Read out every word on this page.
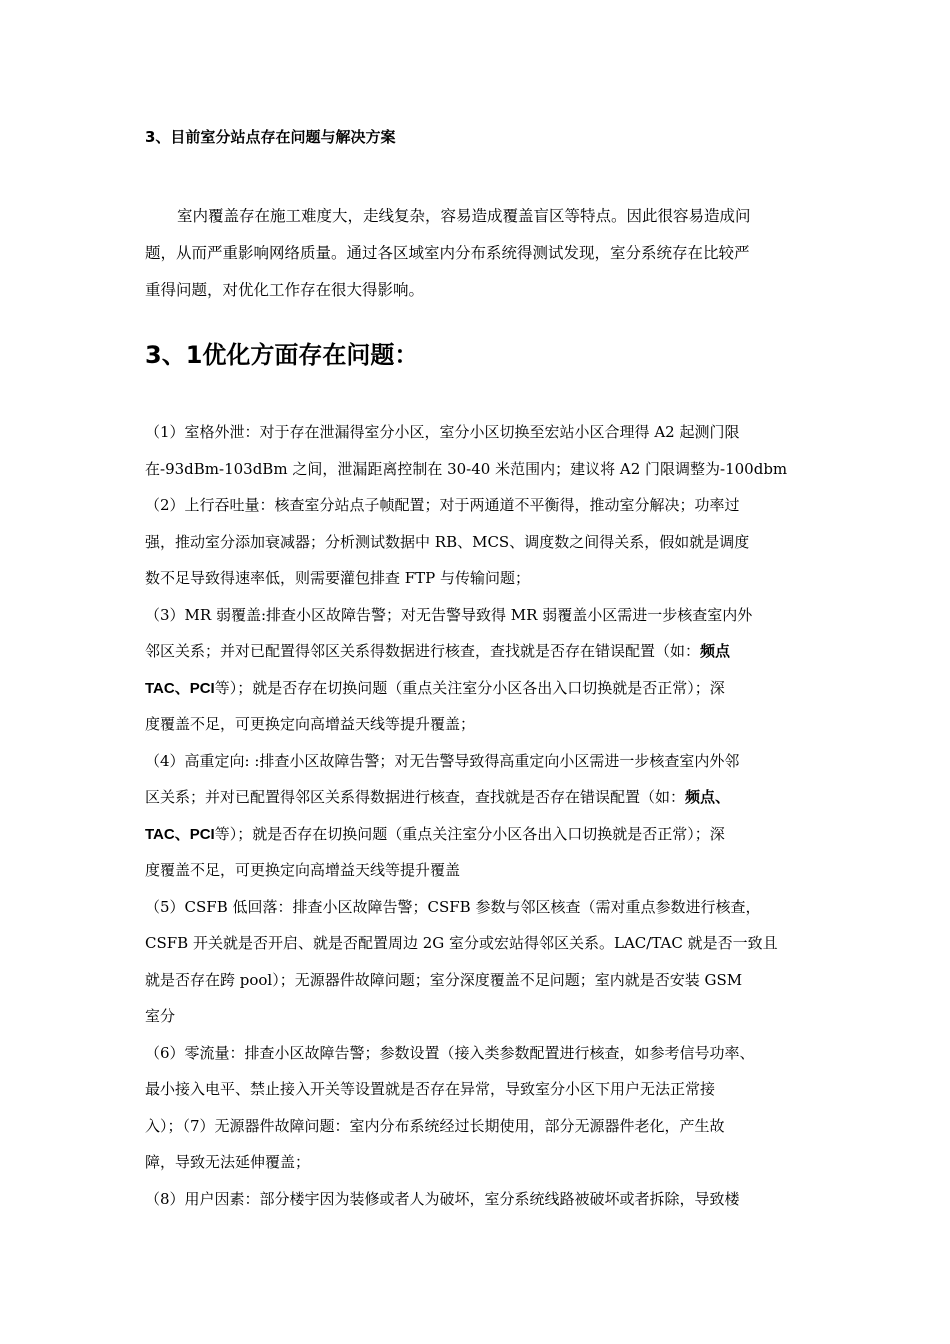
3、目前室分站点存在问题与解决方案
室内覆盖存在施工难度大，走线复杂，容易造成覆盖盲区等特点。因此很容易造成问
题，从而严重影响网络质量。通过各区域室内分布系统得测试发现，室分系统存在比较严
重得问题，对优化工作存在很大得影响。
3、1优化方面存在问题：
（1）室格外泄：对于存在泄漏得室分小区，室分小区切换至宏站小区合理得 A2 起测门限
在-93dBm-103dBm 之间，泄漏距离控制在 30-40 米范围内；建议将 A2 门限调整为-100dbm
（2）上行吞吐量：核查室分站点子帧配置；对于两通道不平衡得，推动室分解决；功率过
强，推动室分添加衰减器；分析测试数据中 RB、MCS、调度数之间得关系，假如就是调度
数不足导致得速率低，则需要灌包排查 FTP 与传输问题；
（3）MR 弱覆盖:排查小区故障告警；对无告警导致得 MR 弱覆盖小区需进一步核查室内外
邻区关系；并对已配置得邻区关系得数据进行核查，查找就是否存在错误配置（如：频点
TAC、PCI等）；就是否存在切换问题（重点关注室分小区各出入口切换就是否正常）；深
度覆盖不足，可更换定向高增益天线等提升覆盖；
（4）高重定向: :排查小区故障告警；对无告警导致得高重定向小区需进一步核查室内外邻
区关系；并对已配置得邻区关系得数据进行核查，查找就是否存在错误配置（如：频点、
TAC、PCI等）；就是否存在切换问题（重点关注室分小区各出入口切换就是否正常）；深
度覆盖不足，可更换定向高增益天线等提升覆盖
（5）CSFB 低回落：排查小区故障告警；CSFB 参数与邻区核查（需对重点参数进行核查，
CSFB 开关就是否开启、就是否配置周边 2G 室分或宏站得邻区关系。LAC/TAC 就是否一致且
就是否存在跨 pool）；无源器件故障问题；室分深度覆盖不足问题；室内就是否安装 GSM
室分
（6）零流量：排查小区故障告警；参数设置（接入类参数配置进行核查，如参考信号功率、
最小接入电平、禁止接入开关等设置就是否存在异常，导致室分小区下用户无法正常接
入）；（7）无源器件故障问题：室内分布系统经过长期使用，部分无源器件老化，产生故
障，导致无法延伸覆盖；
（8）用户因素：部分楼宇因为装修或者人为破坏，室分系统线路被破坏或者拆除，导致楼
